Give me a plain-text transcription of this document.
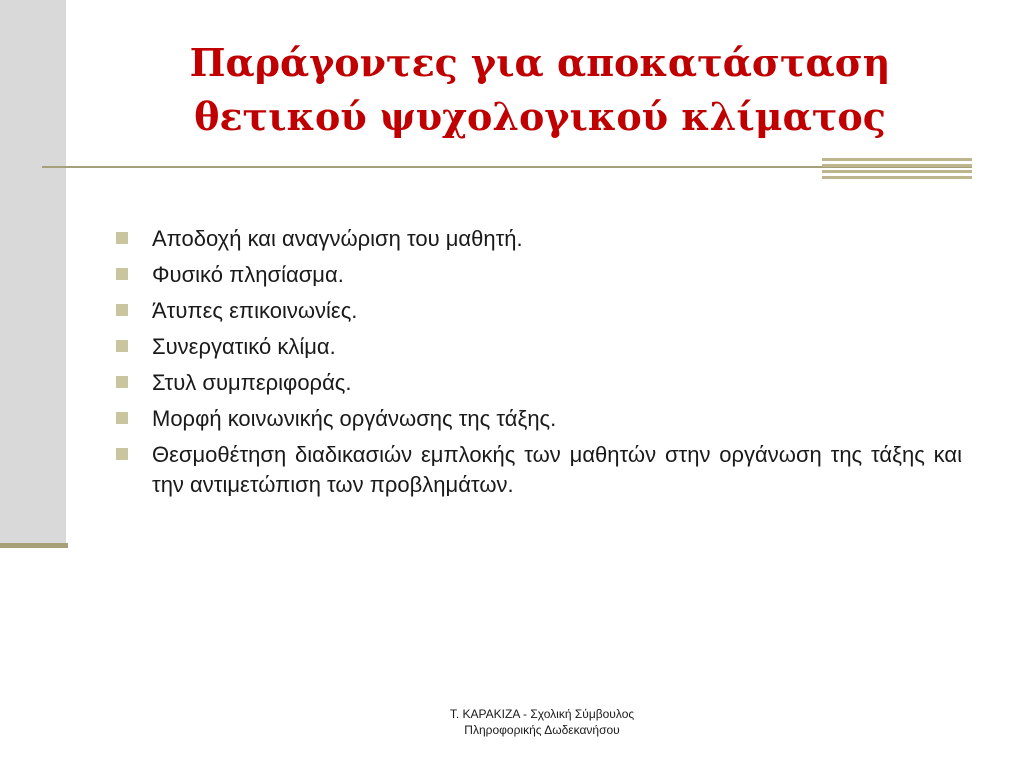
Παράγοντες για αποκατάσταση
θετικού ψυχολογικού κλίματος
Αποδοχή και αναγνώριση του μαθητή.
Φυσικό πλησίασμα.
Άτυπες επικοινωνίες.
Συνεργατικό κλίμα.
Στυλ συμπεριφοράς.
Μορφή κοινωνικής οργάνωσης της τάξης.
Θεσμοθέτηση διαδικασιών εμπλοκής των μαθητών στην οργάνωση της τάξης και την αντιμετώπιση των προβλημάτων.
Τ. ΚΑΡΑΚΙΖΑ - Σχολική Σύμβουλος
Πληροφορικής Δωδεκανήσου
